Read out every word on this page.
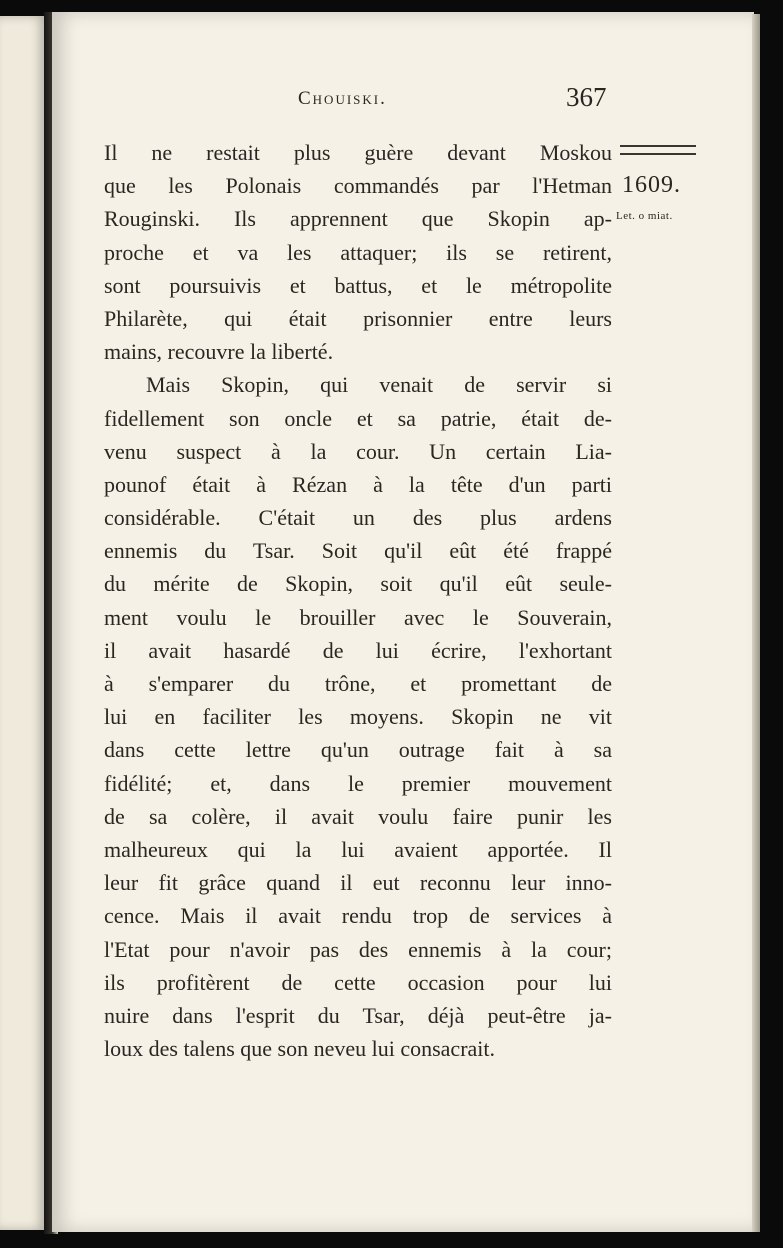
Chouiski.	367
1609.
Let. o miat.
Il ne restait plus guère devant Moskou
que les Polonais commandés par l'Hetman
Rouginski. Ils apprennent que Skopin ap-
proche et va les attaquer; ils se retirent,
sont poursuivis et battus, et le métropolite
Philarète, qui était prisonnier entre leurs
mains, recouvre la liberté.
Mais Skopin, qui venait de servir si
fidellement son oncle et sa patrie, était de-
venu suspect à la cour. Un certain Lia-
pounof était à Rézan à la tête d'un parti
considérable. C'était un des plus ardens
ennemis du Tsar. Soit qu'il eût été frappé
du mérite de Skopin, soit qu'il eût seule-
ment voulu le brouiller avec le Souverain,
il avait hasardé de lui écrire, l'exhortant
à s'emparer du trône, et promettant de
lui en faciliter les moyens. Skopin ne vit
dans cette lettre qu'un outrage fait à sa
fidélité; et, dans le premier mouvement
de sa colère, il avait voulu faire punir les
malheureux qui la lui avaient apportée. Il
leur fit grâce quand il eut reconnu leur inno-
cence. Mais il avait rendu trop de services à
l'Etat pour n'avoir pas des ennemis à la cour;
ils profitèrent de cette occasion pour lui
nuire dans l'esprit du Tsar, déjà peut-être ja-
loux des talens que son neveu lui consacrait.
